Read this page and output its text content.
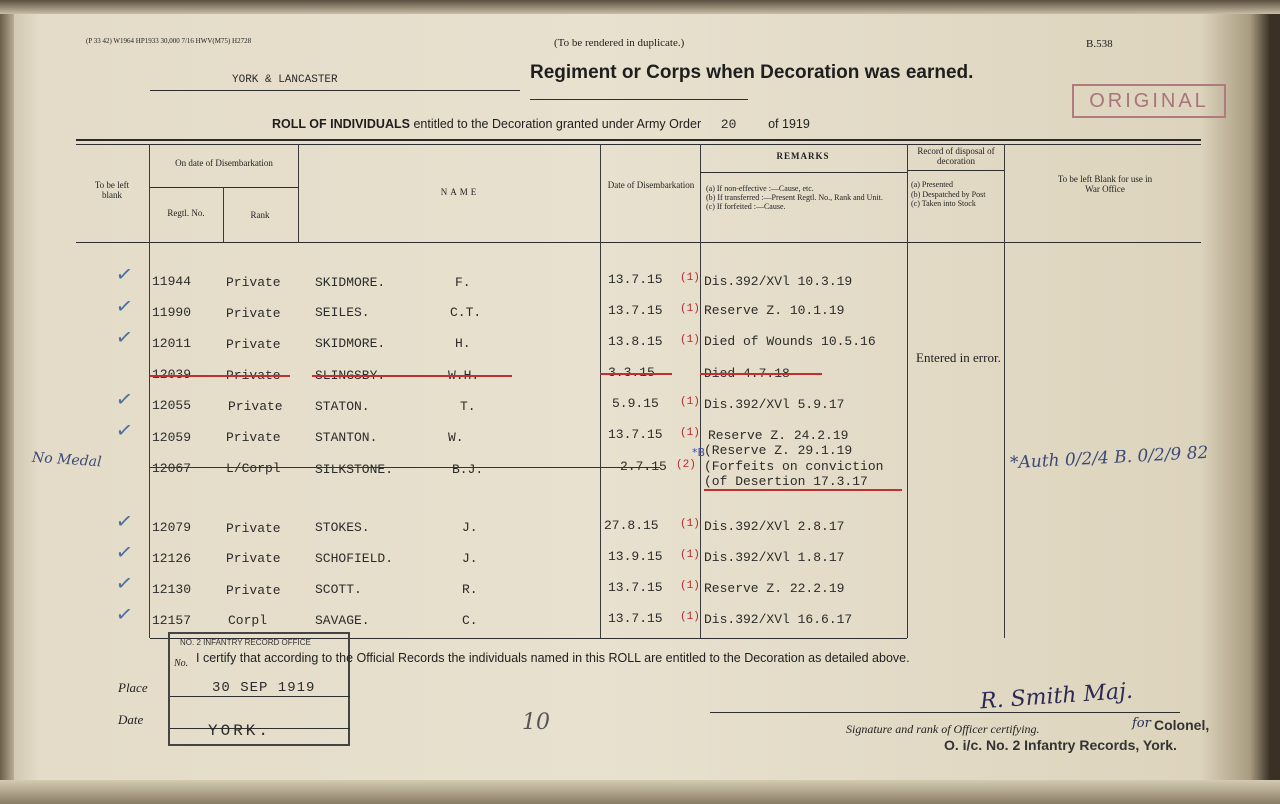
(P 33 42) W1964 HP1933 30,000 7/16 HWV(M75) H2728	(To be rendered in duplicate.)	B.538
YORK & LANCASTER	Regiment or Corps when Decoration was earned.
ORIGINAL
ROLL OF INDIVIDUALS entitled to the Decoration granted under Army Order 20	of 1919
To be left blank
On date of Disembarkation
Regtl. No.	Rank
NAME
Date of Disembarkation
REMARKS
(a) If non-effective :—Cause, etc.
(b) If transferred :—Present Regtl. No., Rank and Unit.
(c) If forfeited :—Cause.
Record of disposal of decoration
(a) Presented
(b) Despatched by Post
(c) Taken into Stock
To be left Blank for use in War Office
✓ 11944	Private	SKIDMORE.	F.	13.7.15 (1) Dis.392/XVl 10.3.19
✓ 11990	Private	SEILES.	C.T.	13.7.15 (1) Reserve Z. 10.1.19
✓ 12011	Private	SKIDMORE.	H.	13.8.15 (1) Died of Wounds 10.5.16
12039	Private	SLINGSBY.	W.H.	3.3.15	Died 4.7.18
Entered in error.
✓ 12055	Private STATON.	T.	5.9.15 (1) Dis.392/XVl 5.9.17
✓ 12059	Private	STANTON.	W.	13.7.15 (1) Reserve Z. 24.2.19
No Medal	12067	L/Corpl	SILKSTONE.	B.J.	2.7.15 (2)
(Reserve Z. 29.1.19
(Forfeits on conviction
(of Desertion 17.3.17
*B	*Auth 0/2/4 B. 0/2/9 82
✓ 12079	Private	STOKES.	J.	27.8.15 (1) Dis.392/XVl 2.8.17
✓ 12126	Private	SCHOFIELD.	J.	13.9.15 (1) Dis.392/XVl 1.8.17
✓ 12130	Private	SCOTT.	R.	13.7.15 (1) Reserve Z. 22.2.19
✓ 12157	Corpl	SAVAGE.	C.	13.7.15 (1) Dis.392/XVl 16.6.17
NO. 2 INFANTRY RECORD OFFICE
30 SEP 1919
YORK.
No. I certify that according to the Official Records the individuals named in this ROLL are entitled to the Decoration as detailed above.
Place
Date	10
R. Smith Maj.
Signature and rank of Officer certifying.	for Colonel,
O. i/c. No. 2 Infantry Records, York.
